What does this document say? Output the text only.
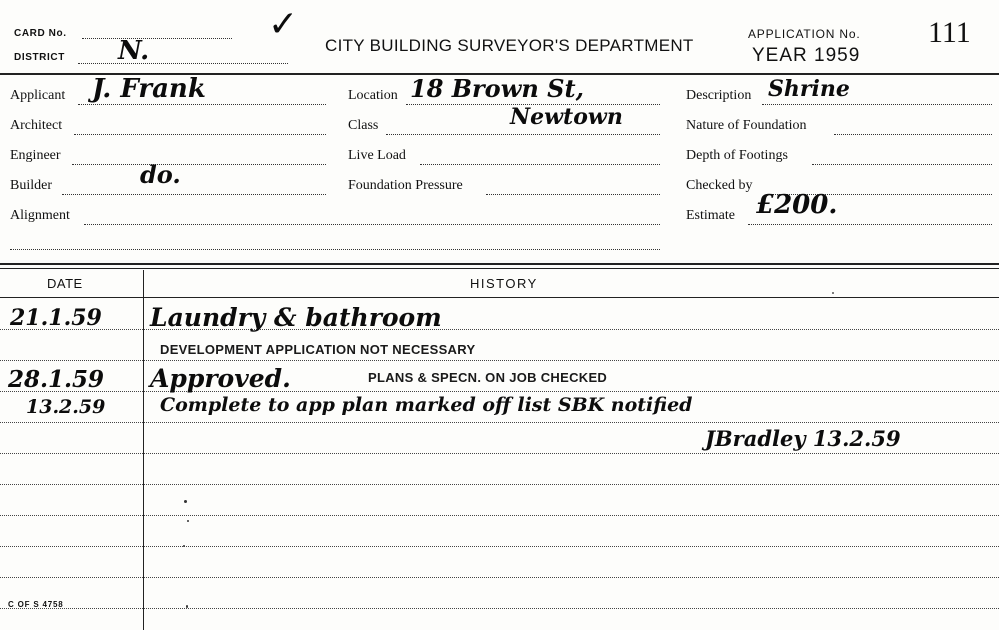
CARD No.
DISTRICT N.
✓
CITY BUILDING SURVEYOR'S DEPARTMENT
APPLICATION No. 111
YEAR 1959
Applicant J. Frank
Architect
Engineer
Builder	do.
Alignment
Location 18 Brown St,
Class	Newtown
Live Load
Foundation Pressure
Description Shrine
Nature of Foundation
Depth of Footings
Checked by
Estimate £200.
DATE	HISTORY
21.1.59 Laundry & bathroom
DEVELOPMENT APPLICATION NOT NECESSARY
28.1.59 Approved.	PLANS & SPECN. ON JOB CHECKED
13.2.59	Complete to app plan marked off list SBK notified
JBradley 13.2.59
C OF S 4758
